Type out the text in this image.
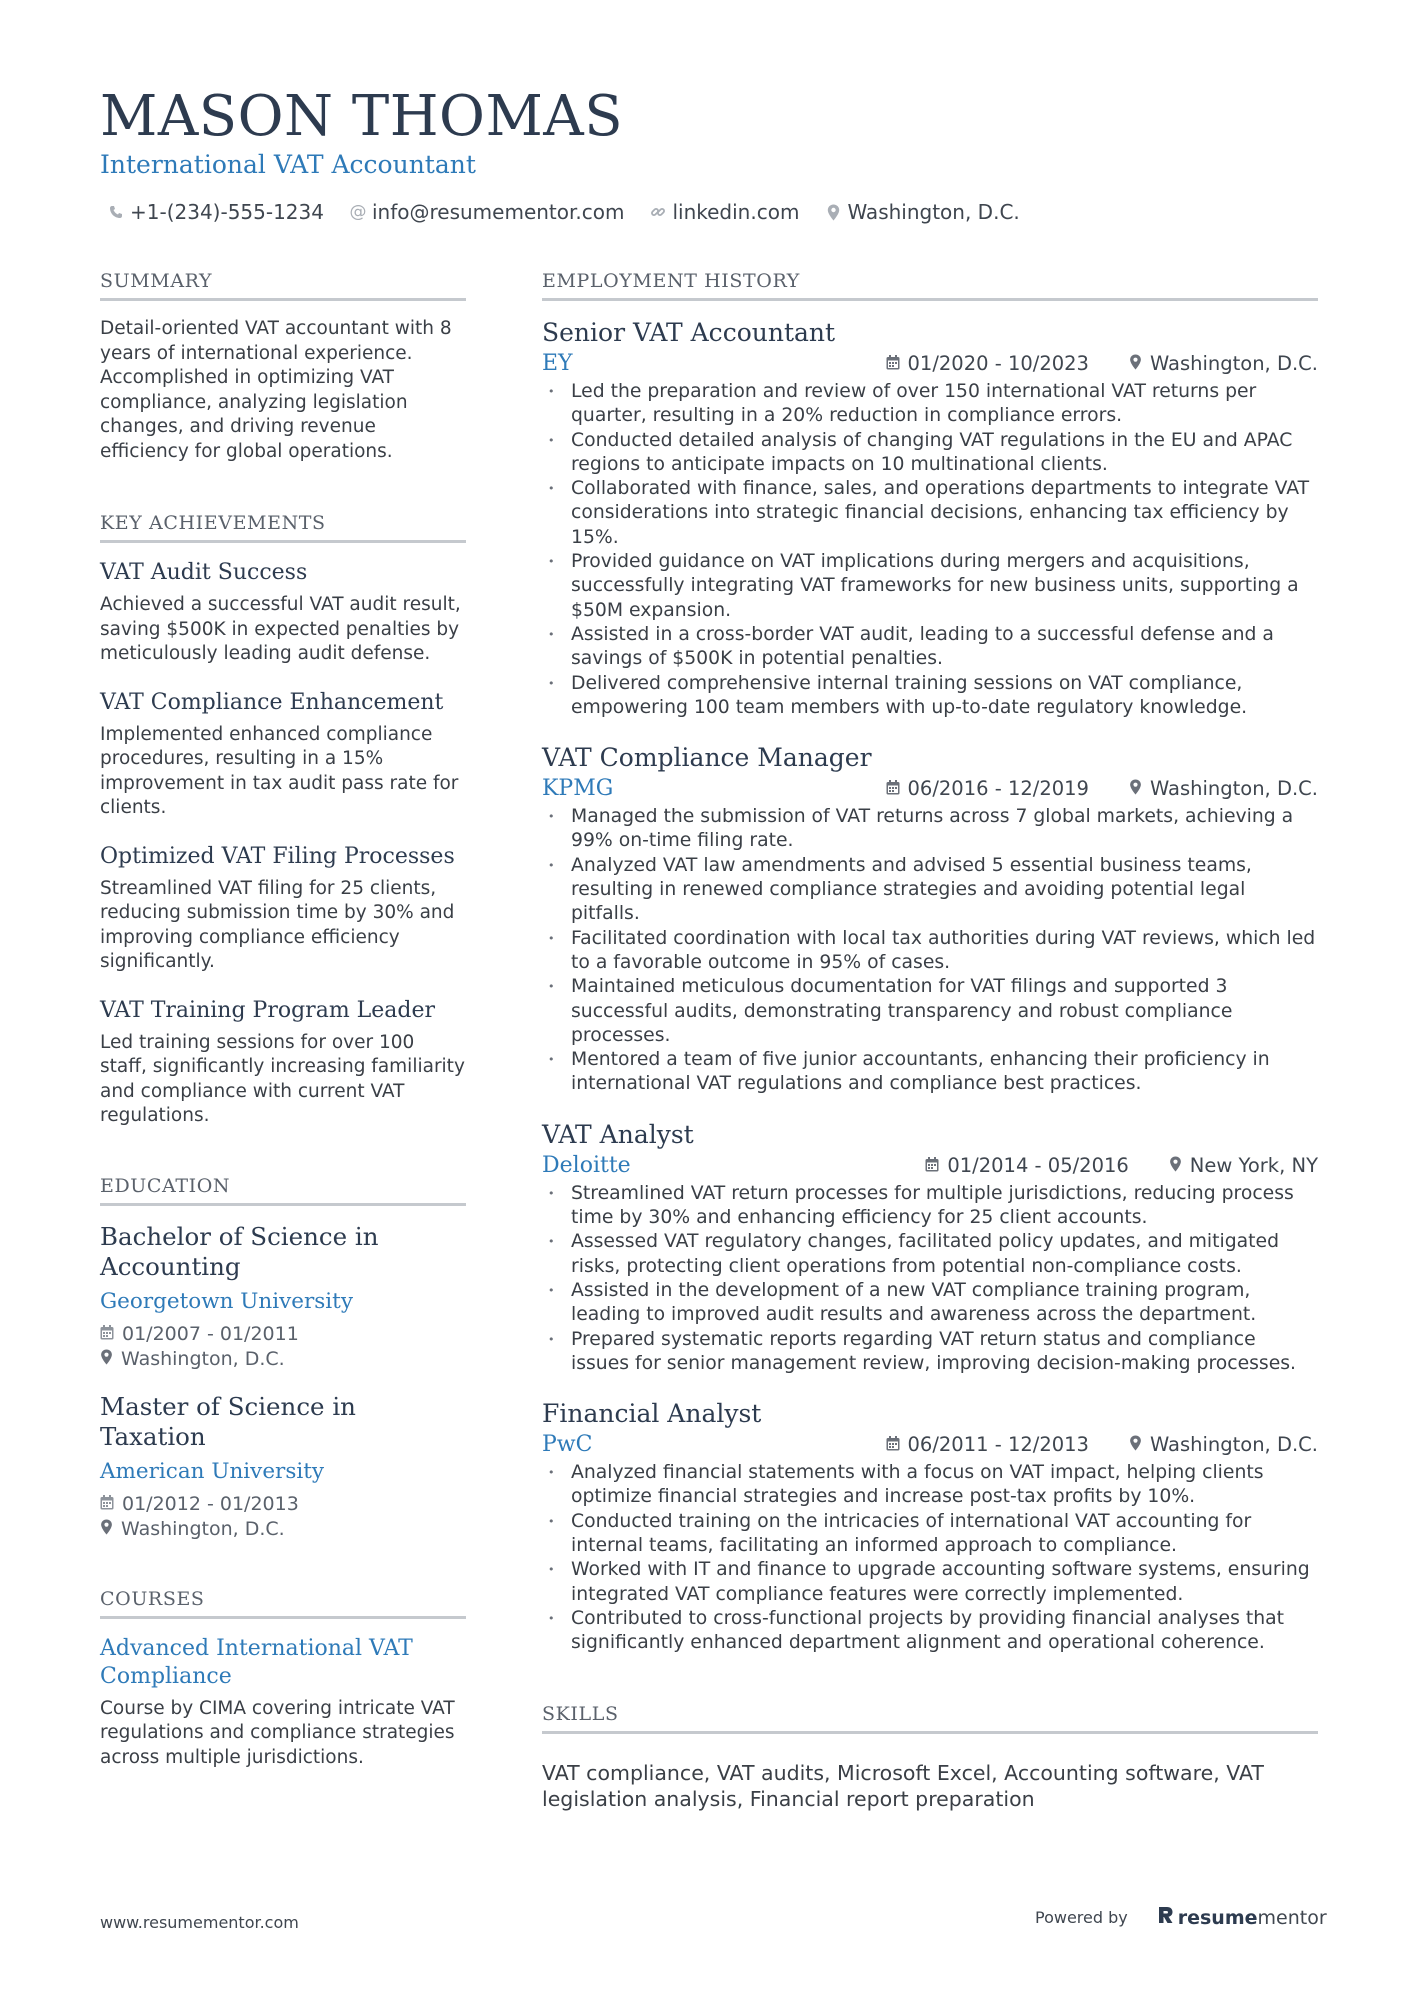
MASON THOMAS
International VAT Accountant
+1-(234)-555-1234 @ info@resumementor.com linkedin.com Washington, D.C.
SUMMARY

Detail-oriented VAT accountant with 8 years of international experience. Accomplished in optimizing VAT compliance, analyzing legislation changes, and driving revenue efficiency for global operations.

KEY ACHIEVEMENTS
VAT Audit Success

Achieved a successful VAT audit result, saving $500K in expected penalties by meticulously leading audit defense.

VAT Compliance Enhancement

Implemented enhanced compliance procedures, resulting in a 15% improvement in tax audit pass rate for clients.

Optimized VAT Filing Processes

Streamlined VAT filing for 25 clients, reducing submission time by 30% and improving compliance efficiency significantly.

VAT Training Program Leader

Led training sessions for over 100 staff, significantly increasing familiarity and compliance with current VAT regulations.

EDUCATION
Bachelor of Science in Accounting
Georgetown University
01/2007 - 01/2011
Washington, D.C.
Master of Science in Taxation
American University
01/2012 - 01/2013
Washington, D.C.
COURSES
Advanced International VAT Compliance

Course by CIMA covering intricate VAT regulations and compliance strategies across multiple jurisdictions.

EMPLOYMENT HISTORY
Senior VAT Accountant
EY	01/2020 - 10/2023	Washington, D.C.
• Led the preparation and review of over 150 international VAT returns per quarter, resulting in a 20% reduction in compliance errors.
• Conducted detailed analysis of changing VAT regulations in the EU and APAC regions to anticipate impacts on 10 multinational clients.
• Collaborated with finance, sales, and operations departments to integrate VAT considerations into strategic financial decisions, enhancing tax efficiency by 15%.
• Provided guidance on VAT implications during mergers and acquisitions, successfully integrating VAT frameworks for new business units, supporting a $50M expansion.
• Assisted in a cross-border VAT audit, leading to a successful defense and a savings of $500K in potential penalties.
• Delivered comprehensive internal training sessions on VAT compliance, empowering 100 team members with up-to-date regulatory knowledge.
VAT Compliance Manager
KPMG	06/2016 - 12/2019	Washington, D.C.
• Managed the submission of VAT returns across 7 global markets, achieving a 99% on-time filing rate.
• Analyzed VAT law amendments and advised 5 essential business teams, resulting in renewed compliance strategies and avoiding potential legal pitfalls.
• Facilitated coordination with local tax authorities during VAT reviews, which led to a favorable outcome in 95% of cases.
• Maintained meticulous documentation for VAT filings and supported 3 successful audits, demonstrating transparency and robust compliance processes.
• Mentored a team of five junior accountants, enhancing their proficiency in international VAT regulations and compliance best practices.
VAT Analyst
Deloitte	01/2014 - 05/2016	New York, NY
• Streamlined VAT return processes for multiple jurisdictions, reducing process time by 30% and enhancing efficiency for 25 client accounts.
• Assessed VAT regulatory changes, facilitated policy updates, and mitigated risks, protecting client operations from potential non-compliance costs.
• Assisted in the development of a new VAT compliance training program, leading to improved audit results and awareness across the department.
• Prepared systematic reports regarding VAT return status and compliance issues for senior management review, improving decision-making processes.
Financial Analyst
PwC	06/2011 - 12/2013	Washington, D.C.
• Analyzed financial statements with a focus on VAT impact, helping clients optimize financial strategies and increase post-tax profits by 10%.
• Conducted training on the intricacies of international VAT accounting for internal teams, facilitating an informed approach to compliance.
• Worked with IT and finance to upgrade accounting software systems, ensuring integrated VAT compliance features were correctly implemented.
• Contributed to cross-functional projects by providing financial analyses that significantly enhanced department alignment and operational coherence.
SKILLS

VAT compliance, VAT audits, Microsoft Excel, Accounting software, VAT legislation analysis, Financial report preparation

www.resumementor.com	Powered by	resume mentor
